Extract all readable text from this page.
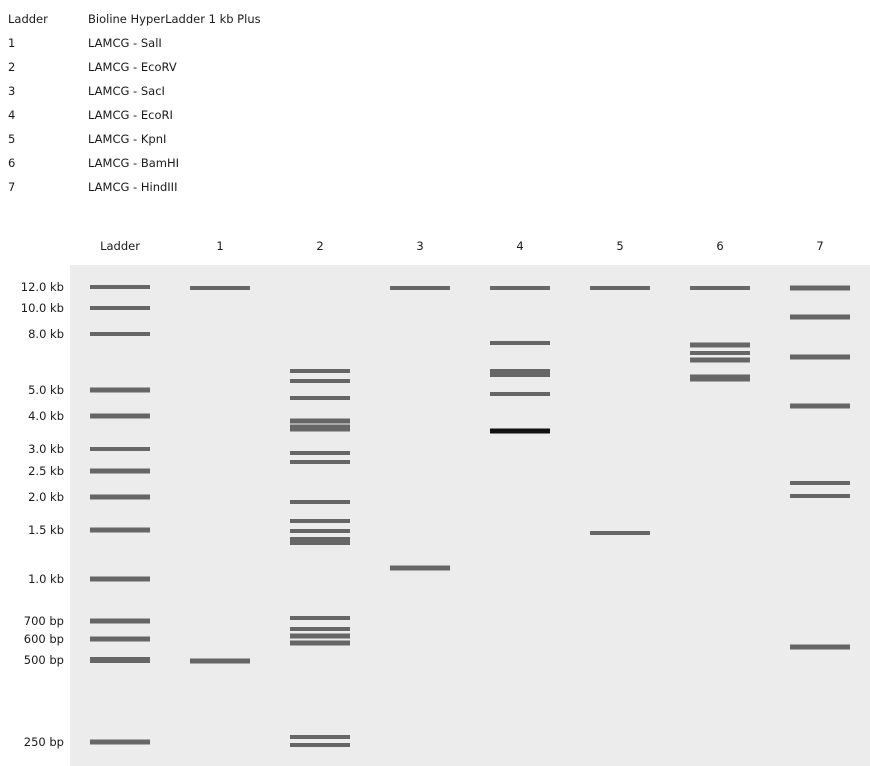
Ladder	Bioline HyperLadder 1 kb Plus
1	LAMCG - SalI
2	LAMCG - EcoRV
3	LAMCG - SacI
4	LAMCG - EcoRI
5	LAMCG - KpnI
6	LAMCG - BamHI
7	LAMCG - HindIII
Ladder	1	2	3	4	5	6	7
12.0 kb
10.0 kb
8.0 kb
5.0 kb
4.0 kb
3.0 kb
2.5 kb
2.0 kb
1.5 kb
1.0 kb
700 bp
600 bp
500 bp
250 bp
